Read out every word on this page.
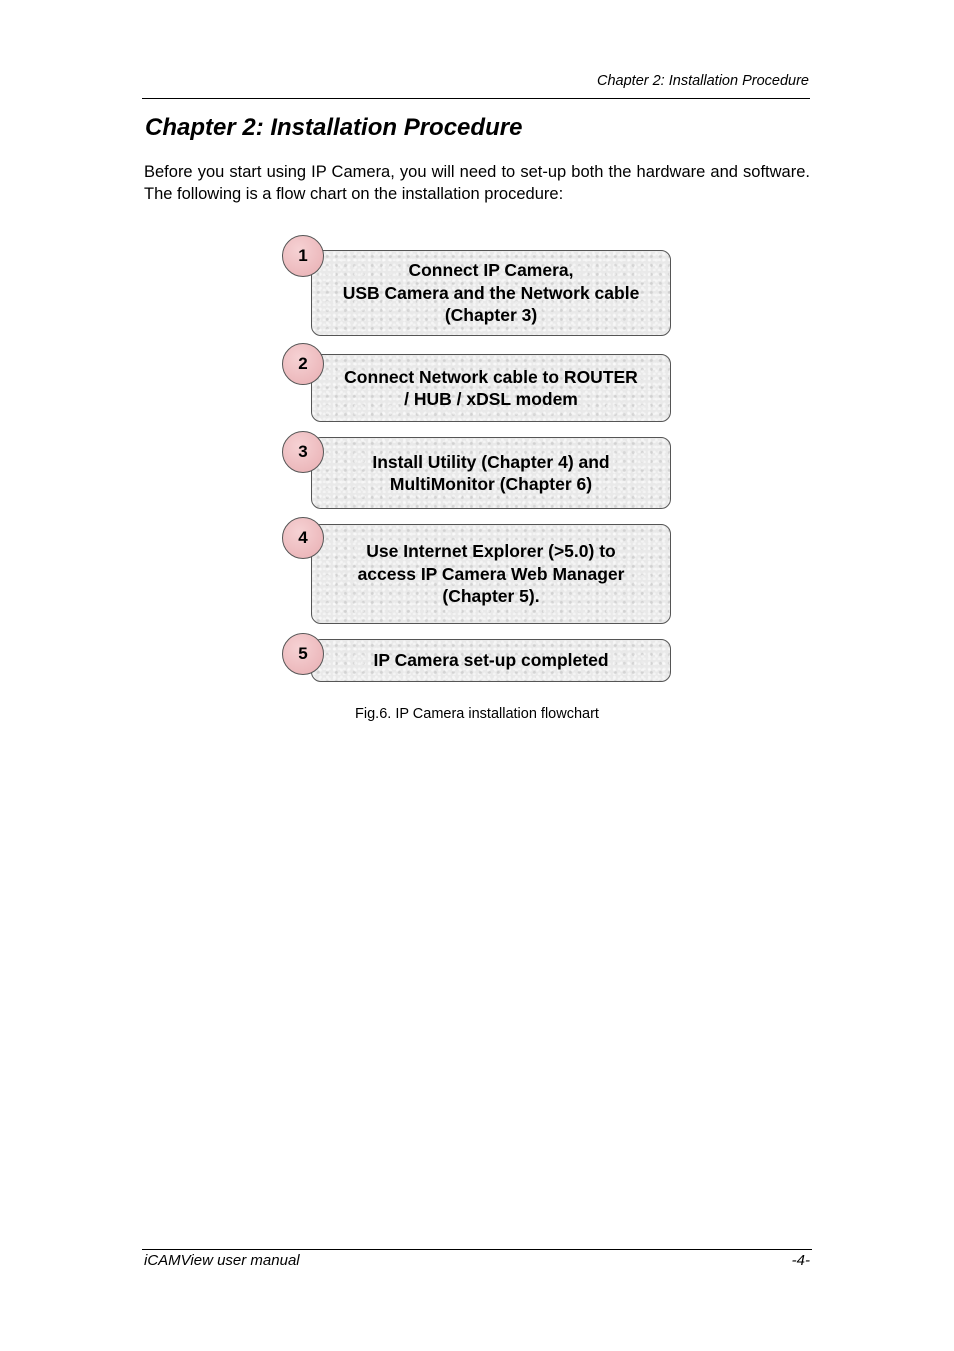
Chapter 2: Installation Procedure
Chapter 2: Installation Procedure

Before you start using IP Camera, you will need to set-up both the hardware and software. The following is a flow chart on the installation procedure:

Connect IP Camera,
USB Camera and the Network cable
(Chapter 3)
1
Connect Network cable to ROUTER
/ HUB / xDSL modem
2
Install Utility (Chapter 4) and
MultiMonitor (Chapter 6)
3
Use Internet Explorer (>5.0) to
access IP Camera Web Manager
(Chapter 5).
4
IP Camera set-up completed
5

Fig.6. IP Camera installation flowchart

iCAMView user manual	-4-
